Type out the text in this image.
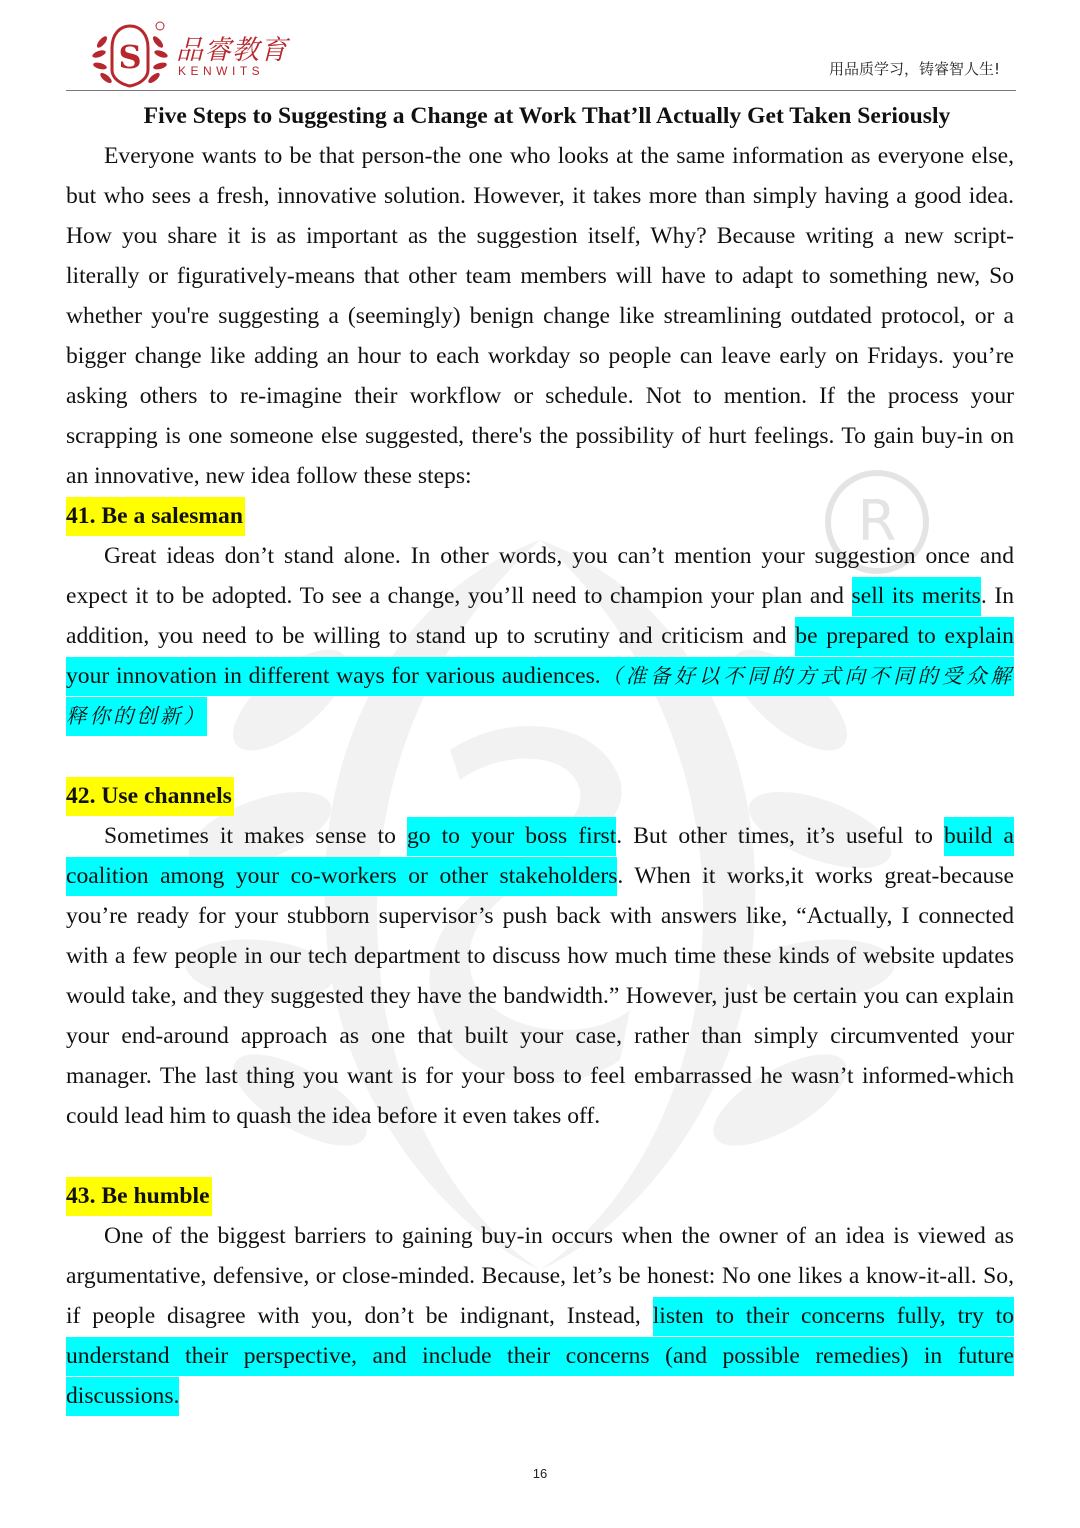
R
S 品睿教育
KENWITS	用品质学习，铸睿智人生!
Five Steps to Suggesting a Change at Work That’ll Actually Get Taken Seriously

Everyone wants to be that person-the one who looks at the same information as everyone else, but who sees a fresh, innovative solution. However, it takes more than simply having a good idea. How you share it is as important as the suggestion itself, Why? Because writing a new script-literally or figuratively-means that other team members will have to adapt to something new, So whether you're suggesting a (seemingly) benign change like streamlining outdated protocol, or a bigger change like adding an hour to each workday so people can leave early on Fridays. you’re asking others to re-imagine their workflow or schedule. Not to mention. If the process your scrapping is one someone else suggested, there's the possibility of hurt feelings. To gain buy-in on an innovative, new idea follow these steps:

41. Be a salesman

Great ideas don’t stand alone. In other words, you can’t mention your suggestion once and expect it to be adopted. To see a change, you’ll need to champion your plan and sell its merits. In addition, you need to be willing to stand up to scrutiny and criticism and be prepared to explain your innovation in different ways for various audiences.（准备好以不同的方式向不同的受众解释你的创新）

42. Use channels

Sometimes it makes sense to go to your boss first. But other times, it’s useful to build a coalition among your co-workers or other stakeholders. When it works,it works great-because you’re ready for your stubborn supervisor’s push back with answers like, “Actually, I connected with a few people in our tech department to discuss how much time these kinds of website updates would take, and they suggested they have the bandwidth.” However, just be certain you can explain your end-around approach as one that built your case, rather than simply circumvented your manager. The last thing you want is for your boss to feel embarrassed he wasn’t informed-which could lead him to quash the idea before it even takes off.

43. Be humble

One of the biggest barriers to gaining buy-in occurs when the owner of an idea is viewed as argumentative, defensive, or close-minded. Because, let’s be honest: No one likes a know-it-all. So, if people disagree with you, don’t be indignant, Instead, listen to their concerns fully, try to understand their perspective, and include their concerns (and possible remedies) in future discussions.

16
